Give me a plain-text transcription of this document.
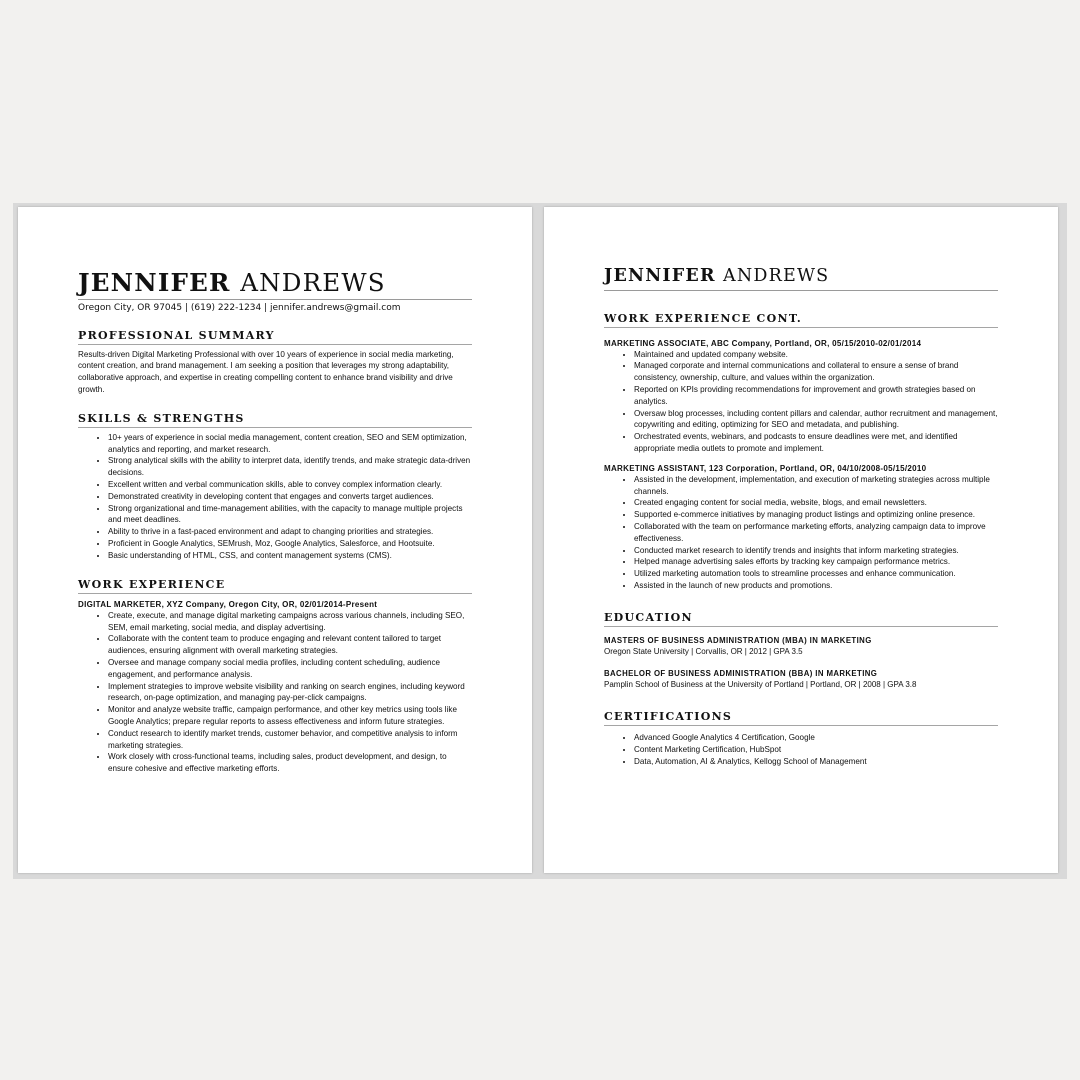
JENNIFER ANDREWS
Oregon City, OR 97045 | (619) 222-1234 | jennifer.andrews@gmail.com
PROFESSIONAL SUMMARY

Results-driven Digital Marketing Professional with over 10 years of experience in social media marketing, content creation, and brand management. I am seeking a position that leverages my strong adaptability, collaborative approach, and expertise in creating compelling content to enhance brand visibility and drive growth.

SKILLS & STRENGTHS
• 10+ years of experience in social media management, content creation, SEO and SEM optimization, analytics and reporting, and market research.
• Strong analytical skills with the ability to interpret data, identify trends, and make strategic data-driven decisions.
• Excellent written and verbal communication skills, able to convey complex information clearly.
• Demonstrated creativity in developing content that engages and converts target audiences.
• Strong organizational and time-management abilities, with the capacity to manage multiple projects and meet deadlines.
• Ability to thrive in a fast-paced environment and adapt to changing priorities and strategies.
• Proficient in Google Analytics, SEMrush, Moz, Google Analytics, Salesforce, and Hootsuite.
• Basic understanding of HTML, CSS, and content management systems (CMS).
WORK EXPERIENCE
DIGITAL MARKETER, XYZ Company, Oregon City, OR, 02/01/2014-Present
• Create, execute, and manage digital marketing campaigns across various channels, including SEO, SEM, email marketing, social media, and display advertising.
• Collaborate with the content team to produce engaging and relevant content tailored to target audiences, ensuring alignment with overall marketing strategies.
• Oversee and manage company social media profiles, including content scheduling, audience engagement, and performance analysis.
• Implement strategies to improve website visibility and ranking on search engines, including keyword research, on-page optimization, and managing pay-per-click campaigns.
• Monitor and analyze website traffic, campaign performance, and other key metrics using tools like Google Analytics; prepare regular reports to assess effectiveness and inform future strategies.
• Conduct research to identify market trends, customer behavior, and competitive analysis to inform marketing strategies.
• Work closely with cross-functional teams, including sales, product development, and design, to ensure cohesive and effective marketing efforts.
JENNIFER ANDREWS
WORK EXPERIENCE CONT.
MARKETING ASSOCIATE, ABC Company, Portland, OR, 05/15/2010-02/01/2014
• Maintained and updated company website.
• Managed corporate and internal communications and collateral to ensure a sense of brand consistency, ownership, culture, and values within the organization.
• Reported on KPIs providing recommendations for improvement and growth strategies based on analytics.
• Oversaw blog processes, including content pillars and calendar, author recruitment and management, copywriting and editing, optimizing for SEO and metadata, and publishing.
• Orchestrated events, webinars, and podcasts to ensure deadlines were met, and identified appropriate media outlets to promote and implement.
MARKETING ASSISTANT, 123 Corporation, Portland, OR, 04/10/2008-05/15/2010
• Assisted in the development, implementation, and execution of marketing strategies across multiple channels.
• Created engaging content for social media, website, blogs, and email newsletters.
• Supported e-commerce initiatives by managing product listings and optimizing online presence.
• Collaborated with the team on performance marketing efforts, analyzing campaign data to improve effectiveness.
• Conducted market research to identify trends and insights that inform marketing strategies.
• Helped manage advertising sales efforts by tracking key campaign performance metrics.
• Utilized marketing automation tools to streamline processes and enhance communication.
• Assisted in the launch of new products and promotions.
EDUCATION
MASTERS OF BUSINESS ADMINISTRATION (MBA) IN MARKETING
Oregon State University | Corvallis, OR | 2012 | GPA 3.5
BACHELOR OF BUSINESS ADMINISTRATION (BBA) IN MARKETING
Pamplin School of Business at the University of Portland | Portland, OR | 2008 | GPA 3.8
CERTIFICATIONS
• Advanced Google Analytics 4 Certification, Google
• Content Marketing Certification, HubSpot
• Data, Automation, AI & Analytics, Kellogg School of Management
